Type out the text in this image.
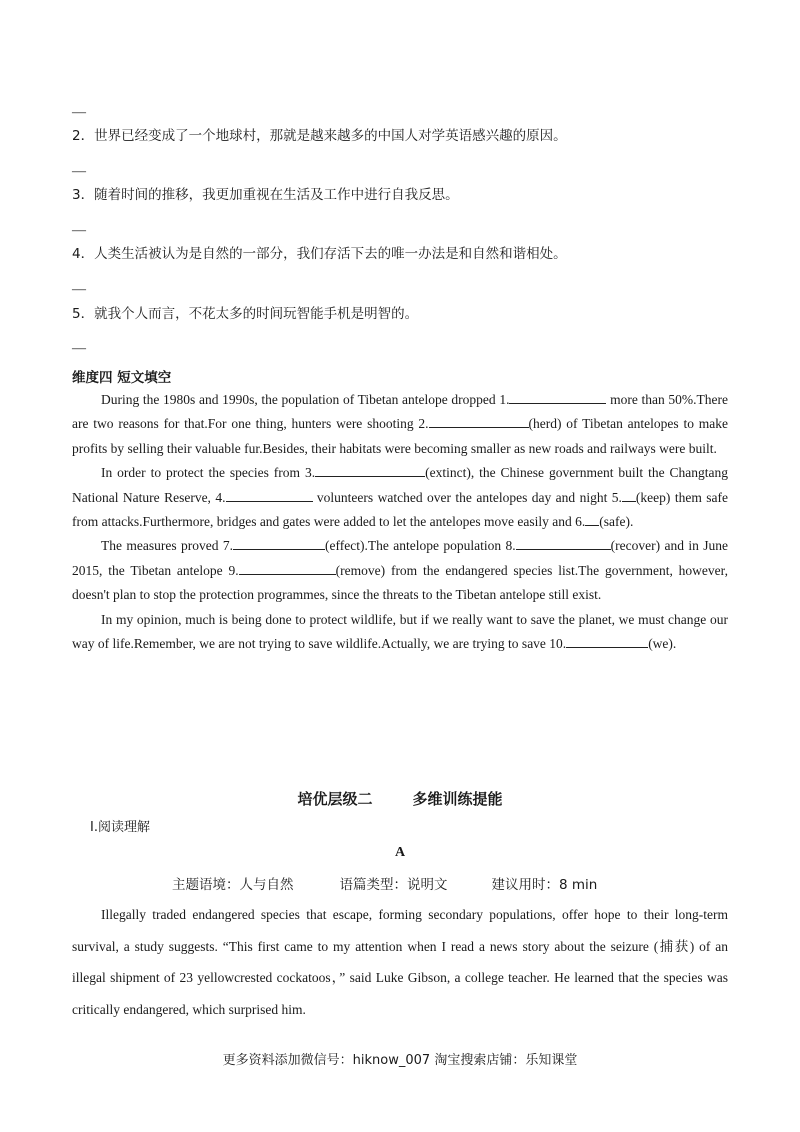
—
2．世界已经变成了一个地球村，那就是越来越多的中国人对学英语感兴趣的原因。
—
3．随着时间的推移，我更加重视在生活及工作中进行自我反思。
—
4．人类生活被认为是自然的一部分，我们存活下去的唯一办法是和自然和谐相处。
—
5．就我个人而言，不花太多的时间玩智能手机是明智的。
—
维度四 短文填空

During the 1980s and 1990s, the population of Tibetan antelope dropped 1.	more than 50%.There are two reasons for that.For one thing, hunters were shooting 2.	(herd) of Tibetan antelopes to make profits by selling their valuable fur.Besides, their habitats were becoming smaller as new roads and railways were built.

In order to protect the species from 3.	(extinct), the Chinese government built the Changtang National Nature Reserve, 4.	volunteers watched over the antelopes day and night 5. (keep) them safe from attacks.Furthermore, bridges and gates were added to let the antelopes move easily and 6. (safe).

The measures proved 7.	(effect).The antelope population 8.	(recover) and in June 2015, the Tibetan antelope 9.	(remove) from the endangered species list.The government, however, doesn't plan to stop the protection programmes, since the threats to the Tibetan antelope still exist.

In my opinion, much is being done to protect wildlife, but if we really want to save the planet, we must change our way of life.Remember, we are not trying to save wildlife.Actually, we are trying to save 10.	(we).

培优层级二	多维训练提能
Ⅰ.阅读理解
A
主题语境：人与自然	语篇类型：说明文	建议用时：8 min

Illegally traded endangered species that escape, forming secondary populations, offer hope to their long-term survival, a study suggests. “This first came to my attention when I read a news story about the seizure (捕获) of an illegal shipment of 23 yellowcrested cockatoos，” said Luke Gibson, a college teacher. He learned that the species was critically endangered, which surprised him.

更多资料添加微信号：hiknow_007 淘宝搜索店铺：乐知课堂
